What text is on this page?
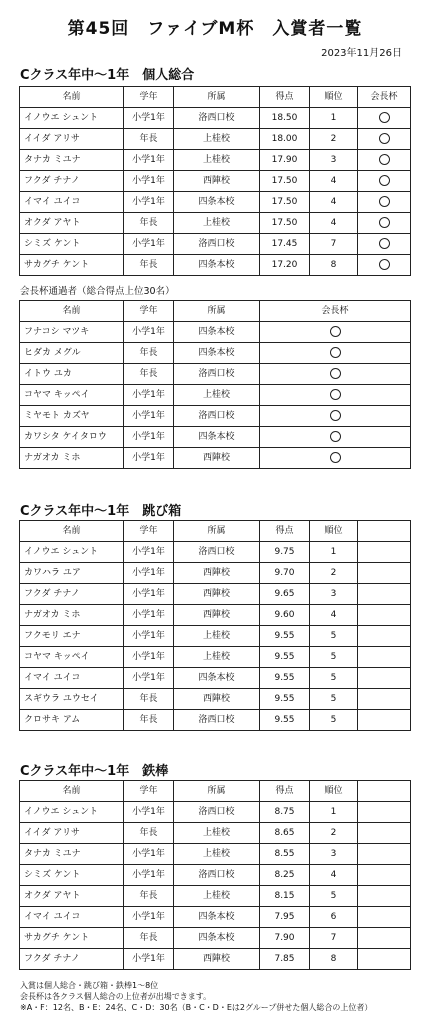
第45回　ファイブM杯　入賞者一覧

2023年11月26日

Cクラス年中～1年　個人総合
名前	学年	所属	得点	順位	会長杯
イノウエ シュント	小学1年	洛西口校	18.50	1	
イイダ アリサ	年長	上桂校	18.00	2	
タナカ ミユナ	小学1年	上桂校	17.90	3	
フクダ チナノ	小学1年	西陣校	17.50	4	
イマイ ユイコ	小学1年	四条本校	17.50	4	
オクダ アヤト	年長	上桂校	17.50	4	
シミズ ケント	小学1年	洛西口校	17.45	7	
サカグチ ケント	年長	四条本校	17.20	8	

会長杯通過者（総合得点上位30名）

名前	学年	所属	会長杯
フナコシ マツキ	小学1年	四条本校	
ヒダカ メグル	年長	四条本校	
イトウ ユカ	年長	洛西口校	
コヤマ キッペイ	小学1年	上桂校	
ミヤモト カズヤ	小学1年	洛西口校	
カワシタ ケイタロウ	小学1年	四条本校	
ナガオカ ミホ	小学1年	西陣校	
Cクラス年中～1年　跳び箱
名前	学年	所属	得点	順位	
イノウエ シュント	小学1年	洛西口校	9.75	1	
カワハラ ユア	小学1年	西陣校	9.70	2	
フクダ チナノ	小学1年	西陣校	9.65	3	
ナガオカ ミホ	小学1年	西陣校	9.60	4	
フクモリ エナ	小学1年	上桂校	9.55	5	
コヤマ キッペイ	小学1年	上桂校	9.55	5	
イマイ ユイコ	小学1年	四条本校	9.55	5	
スギウラ ユウセイ	年長	西陣校	9.55	5	
クロサキ アム	年長	洛西口校	9.55	5	
Cクラス年中～1年　鉄棒
名前	学年	所属	得点	順位	
イノウエ シュント	小学1年	洛西口校	8.75	1	
イイダ アリサ	年長	上桂校	8.65	2	
タナカ ミユナ	小学1年	上桂校	8.55	3	
シミズ ケント	小学1年	洛西口校	8.25	4	
オクダ アヤト	年長	上桂校	8.15	5	
イマイ ユイコ	小学1年	四条本校	7.95	6	
サカグチ ケント	年長	四条本校	7.90	7	
フクダ チナノ	小学1年	西陣校	7.85	8	

入賞は個人総合・跳び箱・鉄棒1～8位

会長杯は各クラス個人総合の上位者が出場できます。

※A・F：12名、B・E：24名、C・D：30名（B・C・D・Eは2グループ併せた個人総合の上位者）
